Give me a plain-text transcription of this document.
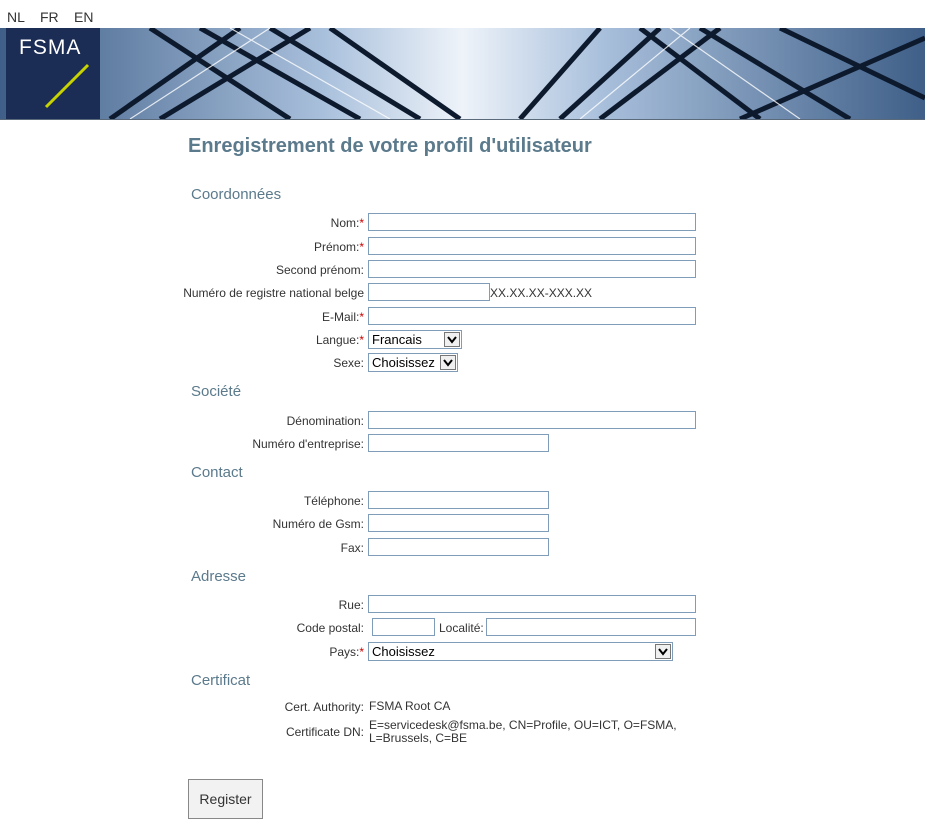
NL FR EN
FSMA
Enregistrement de votre profil d'utilisateur
Coordonnées
Nom:*
Prénom:*
Second prénom:
Numéro de registre national belge	XX.XX.XX-XXX.XX
E-Mail:*
Langue:* Francais
Sexe: Choisissez
Société
Dénomination:
Numéro d'entreprise:
Contact
Téléphone:
Numéro de Gsm:
Fax:
Adresse
Rue:
Code postal:	Localité:
Pays:* Choisissez
Certificat
Cert. Authority: FSMA Root CA
Certificate DN: E=servicedesk@fsma.be, CN=Profile, OU=ICT, O=FSMA,
L=Brussels, C=BE
Register
